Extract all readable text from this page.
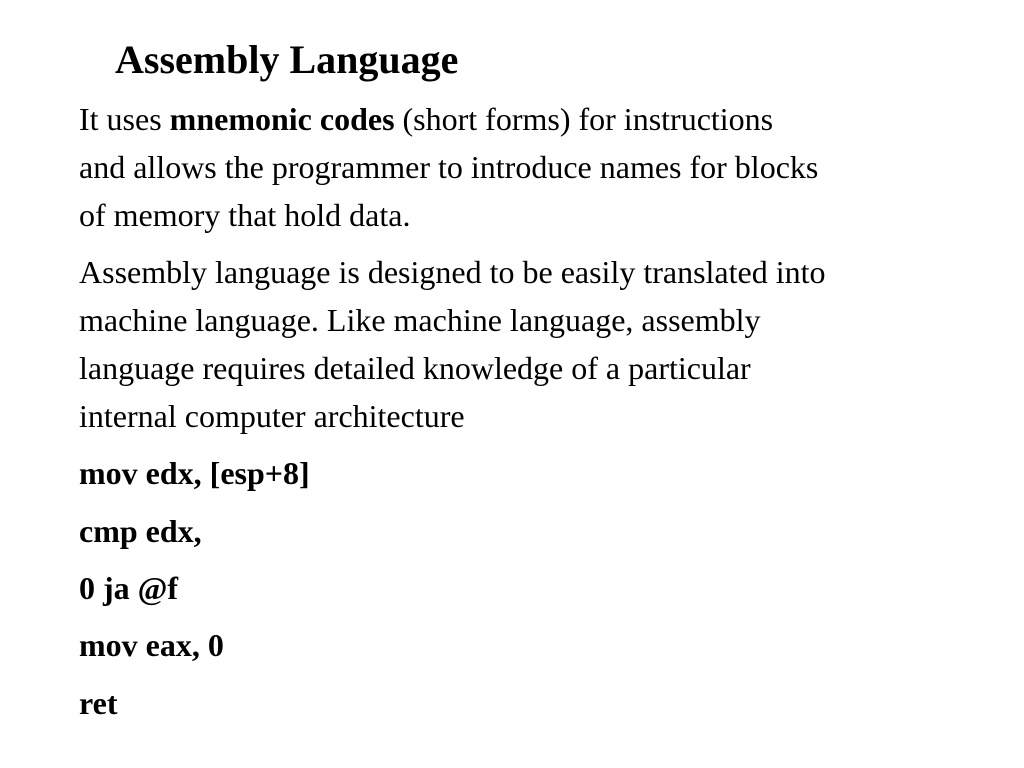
Assembly Language

It uses mnemonic codes (short forms) for instructions
and allows the programmer to introduce names for blocks
of memory that hold data.

Assembly language is designed to be easily translated into
machine language. Like machine language, assembly
language requires detailed knowledge of a particular
internal computer architecture

mov edx, [esp+8]

cmp edx,

0 ja @f

mov eax, 0

ret
